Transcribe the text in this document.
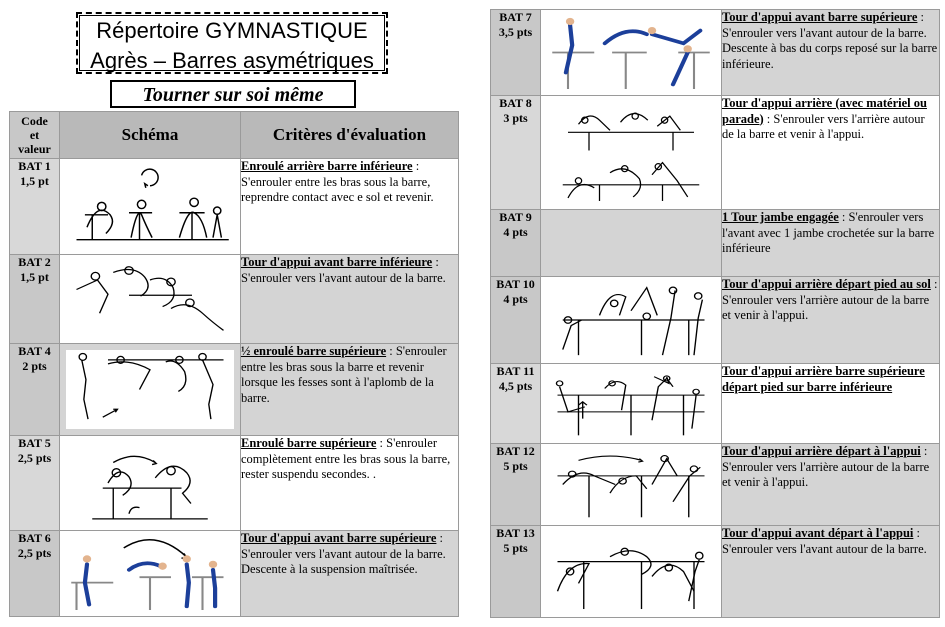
Répertoire GYMNASTIQUE
Agrès – Barres asymétriques
Tourner sur soi même
Code
et
valeur	Schéma	Critères d'évaluation

BAT 1
1,5 pt		Enroulé arrière barre inférieure : S'enrouler entre les bras sous la barre, reprendre contact avec e sol et revenir.

BAT 2
1,5 pt		Tour d'appui avant barre inférieure : S'enrouler vers l'avant autour de la barre.

BAT 4
2 pts		½ enroulé barre supérieure : S'enrouler entre les bras sous la barre et revenir lorsque les fesses sont à l'aplomb de la barre.

BAT 5
2,5 pts		Enroulé barre supérieure : S'enrouler complètement entre les bras sous la barre, rester suspendu secondes. .

BAT 6
2,5 pts		Tour d'appui avant barre supérieure : S'enrouler vers l'avant autour de la barre. Descente à la suspension maîtrisée.
BAT 7
3,5 pts		Tour d'appui avant barre supérieure : S'enrouler vers l'avant autour de la barre. Descente à bas du corps reposé sur la barre inférieure.

BAT 8
3 pts		Tour d'appui arrière (avec matériel ou parade) : S'enrouler vers l'arrière autour de la barre et venir à l'appui.

BAT 9
4 pts		1 Tour jambe engagée : S'enrouler vers l'avant avec 1 jambe crochetée sur la barre inférieure

BAT 10
4 pts		Tour d'appui arrière départ pied au sol : S'enrouler vers l'arrière autour de la barre et venir à l'appui.

BAT 11
4,5 pts		Tour d'appui arrière barre supérieure départ pied sur barre inférieure

BAT 12
5 pts		Tour d'appui arrière départ à l'appui : S'enrouler vers l'arrière autour de la barre et venir à l'appui.

BAT 13
5 pts		Tour d'appui avant départ à l'appui : S'enrouler vers l'avant autour de la barre.
